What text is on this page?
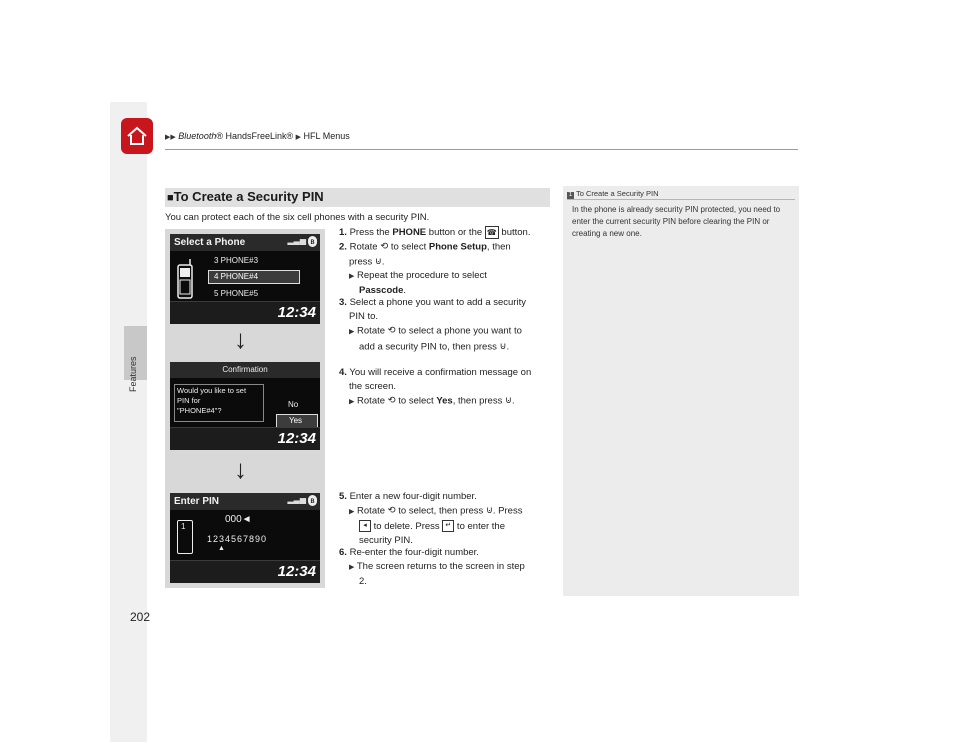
Features
▶▶ Bluetooth® HandsFreeLink® ▶ HFL Menus
202
■To Create a Security PIN
You can protect each of the six cell phones with a security PIN.
Select a Phone	▂▃▅ ʙ
3 PHONE#3
4 PHONE#4
5 PHONE#5
12:34
↓
Confirmation
Would you like to set
PIN for
"PHONE#4"?
No
Yes
12:34
↓
Enter PIN	▂▃▅ ʙ
1
000◄
1234567890
▲
12:34
1. Press the PHONE button or the ☎ button.
2. Rotate ⟲ to select Phone Setup, then
press ⊍.
▶ Repeat the procedure to select
Passcode.
3. Select a phone you want to add a security
PIN to.
▶ Rotate ⟲ to select a phone you want to
add a security PIN to, then press ⊍.
4. You will receive a confirmation message on
the screen.
▶ Rotate ⟲ to select Yes, then press ⊍.
5. Enter a new four-digit number.
▶ Rotate ⟲ to select, then press ⊍. Press
◂ to delete. Press ↵ to enter the
security PIN.
6. Re-enter the four-digit number.
▶ The screen returns to the screen in step
2.
1 To Create a Security PIN
In the phone is already security PIN protected, you need to enter the current security PIN before clearing the PIN or creating a new one.
